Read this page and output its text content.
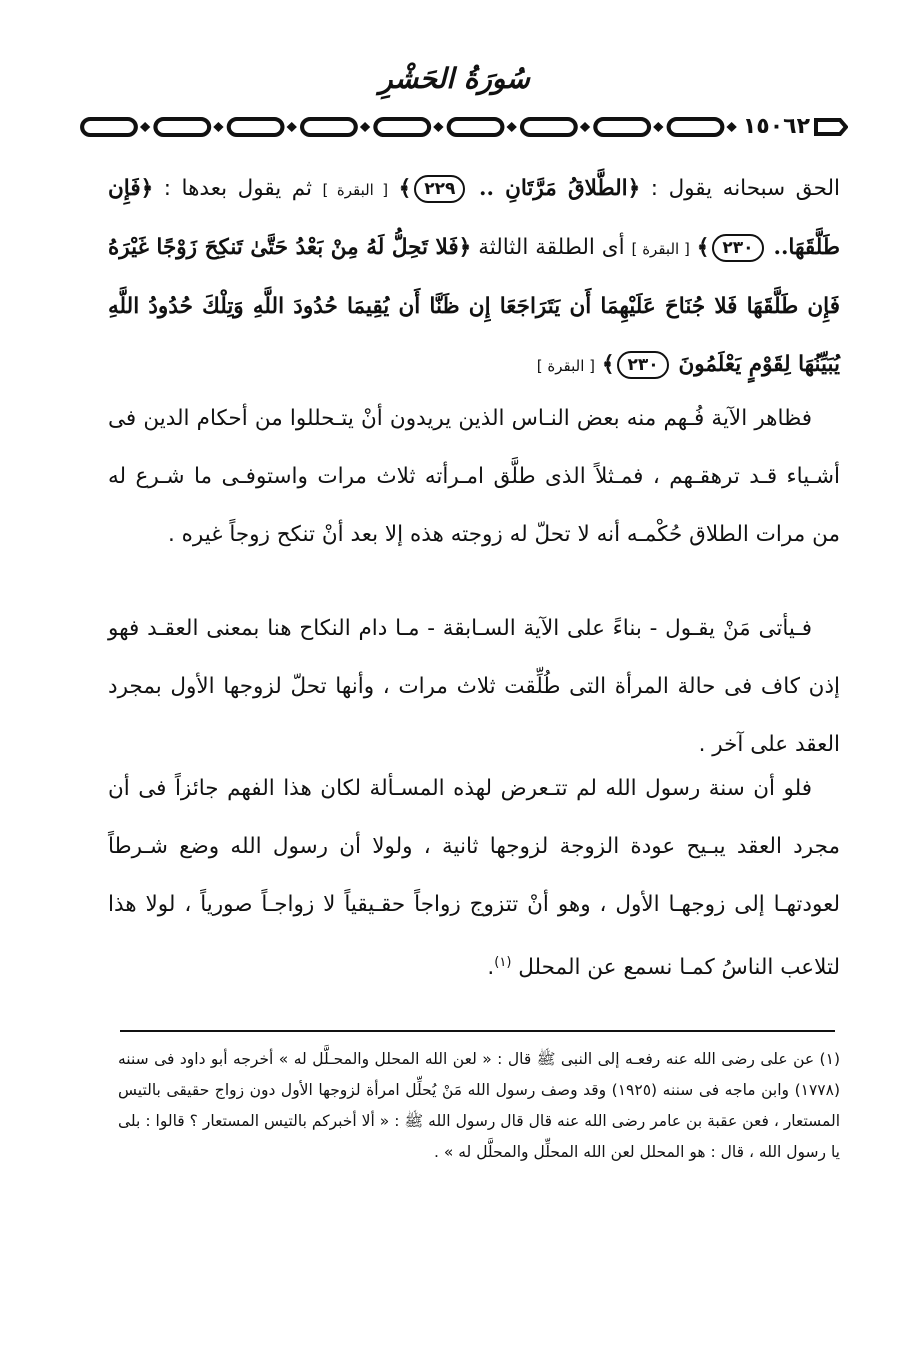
سُورَةُ الحَشْرِ
١٥٠٦٢
الحق سبحانه يقول : ﴿الطَّلاقُ مَرَّتَانِ .. ٢٢٩﴾ [ البقرة ] ثم يقول بعدها : ﴿فَإِن طَلَّقَهَا.. ٢٣٠﴾ [ البقرة ] أى الطلقة الثالثة ﴿فَلا تَحِلُّ لَهُ مِنْ بَعْدُ حَتَّىٰ تَنكِحَ زَوْجًا غَيْرَهُ فَإِن طَلَّقَهَا فَلا جُنَاحَ عَلَيْهِمَا أَن يَتَرَاجَعَا إِن ظَنَّا أَن يُقِيمَا حُدُودَ اللَّهِ وَتِلْكَ حُدُودُ اللَّهِ يُبَيِّنُهَا لِقَوْمٍ يَعْلَمُونَ ٢٣٠﴾ [ البقرة ]
فظاهر الآية فُـهم منه بعض النـاس الذين يريدون أنْ يتـحللوا من أحكام الدين فى أشـياء قـد ترهقـهم ، فمـثلاً الذى طلَّق امـرأته ثلاث مرات واستوفـى ما شـرع له من مرات الطلاق حُكْمـه أنه لا تحلّ له زوجته هذه إلا بعد أنْ تنكح زوجاً غيره .
فـيأتى مَنْ يقـول - بناءً على الآية السـابقة - مـا دام النكاح هنا بمعنى العقـد فهو إذن كاف فى حالة المرأة التى طُلِّقت ثلاث مرات ، وأنها تحلّ لزوجها الأول بمجرد العقد على آخر .
فلو أن سنة رسول الله لم تتـعرض لهذه المسـألة لكان هذا الفهم جائزاً فى أن مجرد العقد يبـيح عودة الزوجة لزوجها ثانية ، ولولا أن رسول الله وضع شـرطاً لعودتهـا إلى زوجهـا الأول ، وهو أنْ تتزوج زواجاً حقـيقياً لا زواجـاً صورياً ، لولا هذا لتلاعب الناسُ كمـا نسمع عن المحلل $^{(١)}$.
(١) عن على رضى الله عنه رفعـه إلى النبى ﷺ قال : « لعن الله المحلل والمحـلَّل له » أخرجه أبو داود فى سننه (١٧٧٨) وابن ماجه فى سننه (١٩٢٥) وقد وصف رسول الله مَنْ يُحلِّل امرأة لزوجها الأول دون زواج حقيقى بالتيس المستعار ، فعن عقبة بن عامر رضى الله عنه قال قال رسول الله ﷺ : « ألا أخبركم بالتيس المستعار ؟ قالوا : بلى يا رسول الله ، قال : هو المحلل لعن الله المحلِّل والمحلَّل له » .
